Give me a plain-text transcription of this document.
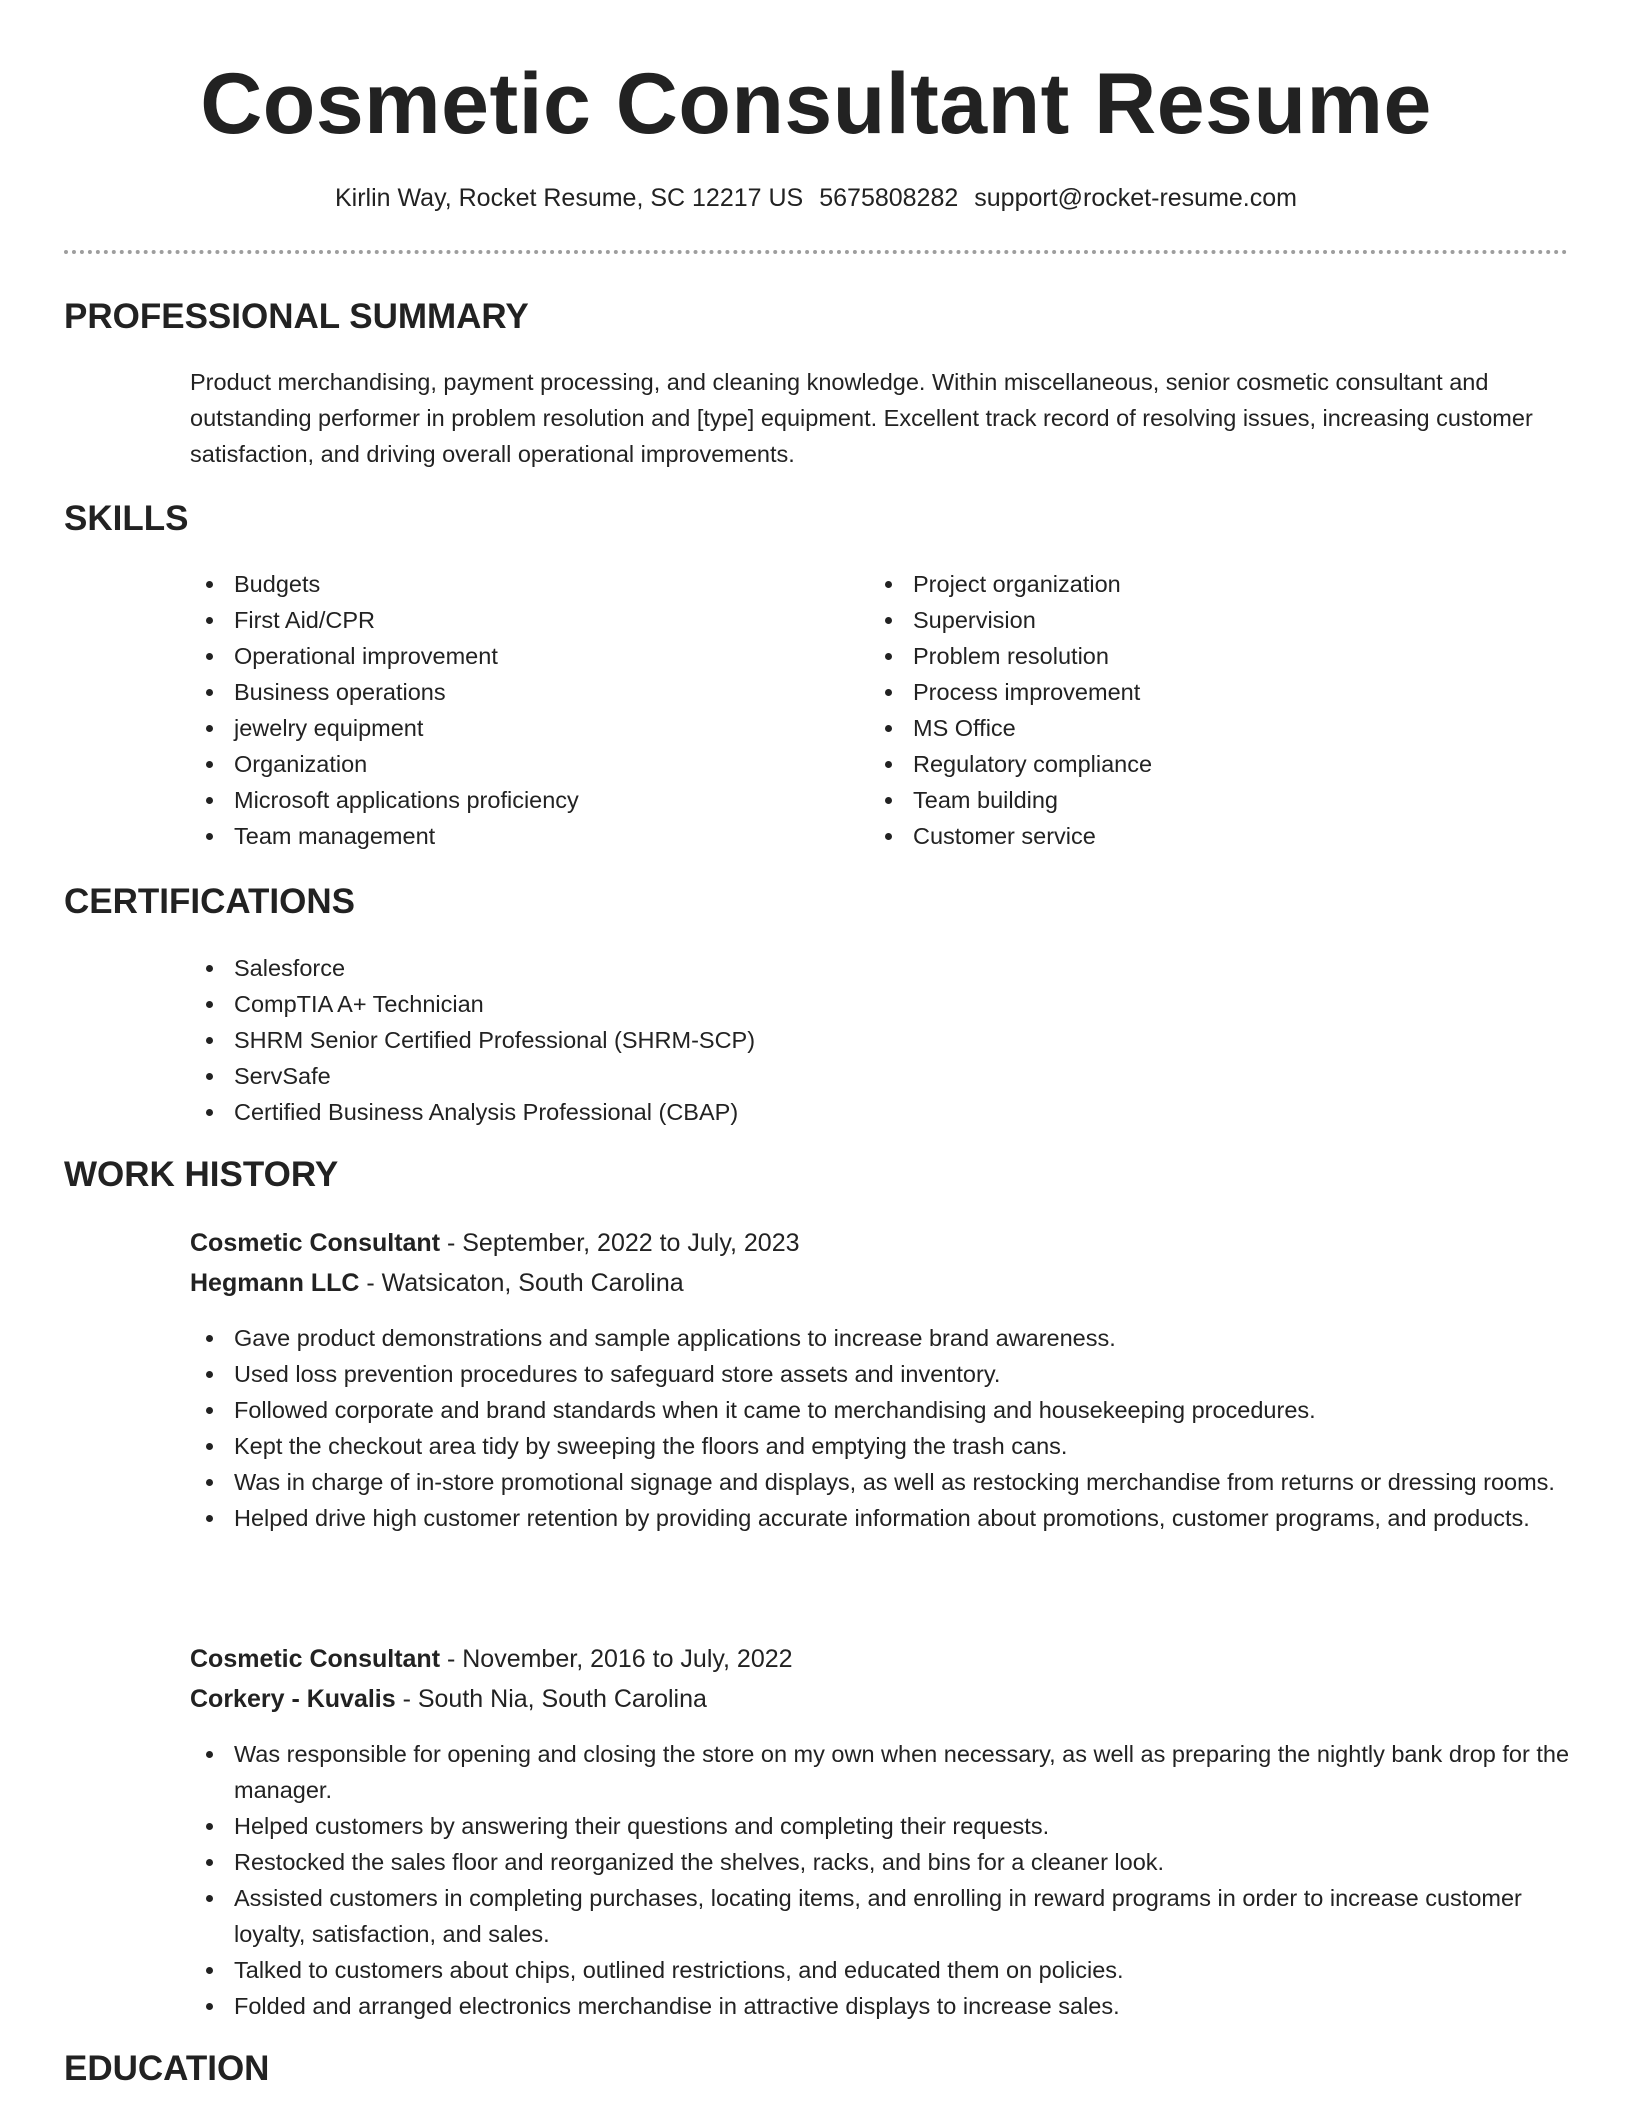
Cosmetic Consultant Resume
Kirlin Way, Rocket Resume, SC 12217 US 5675808282 support@rocket-resume.com
PROFESSIONAL SUMMARY

Product merchandising, payment processing, and cleaning knowledge. Within miscellaneous, senior cosmetic consultant and outstanding performer in problem resolution and [type] equipment. Excellent track record of resolving issues, increasing customer satisfaction, and driving overall operational improvements.

SKILLS
Budgets
First Aid/CPR
Operational improvement
Business operations
jewelry equipment
Organization
Microsoft applications proficiency
Team management
Project organization
Supervision
Problem resolution
Process improvement
MS Office
Regulatory compliance
Team building
Customer service
CERTIFICATIONS
Salesforce
CompTIA A+ Technician
SHRM Senior Certified Professional (SHRM-SCP)
ServSafe
Certified Business Analysis Professional (CBAP)
WORK HISTORY
Cosmetic Consultant - September, 2022 to July, 2023
Hegmann LLC - Watsicaton, South Carolina
Gave product demonstrations and sample applications to increase brand awareness.
Used loss prevention procedures to safeguard store assets and inventory.
Followed corporate and brand standards when it came to merchandising and housekeeping procedures.
Kept the checkout area tidy by sweeping the floors and emptying the trash cans.
Was in charge of in-store promotional signage and displays, as well as restocking merchandise from returns or dressing rooms.
Helped drive high customer retention by providing accurate information about promotions, customer programs, and products.
Cosmetic Consultant - November, 2016 to July, 2022
Corkery - Kuvalis - South Nia, South Carolina
Was responsible for opening and closing the store on my own when necessary, as well as preparing the nightly bank drop for the manager.
Helped customers by answering their questions and completing their requests.
Restocked the sales floor and reorganized the shelves, racks, and bins for a cleaner look.
Assisted customers in completing purchases, locating items, and enrolling in reward programs in order to increase customer loyalty, satisfaction, and sales.
Talked to customers about chips, outlined restrictions, and educated them on policies.
Folded and arranged electronics merchandise in attractive displays to increase sales.
EDUCATION
